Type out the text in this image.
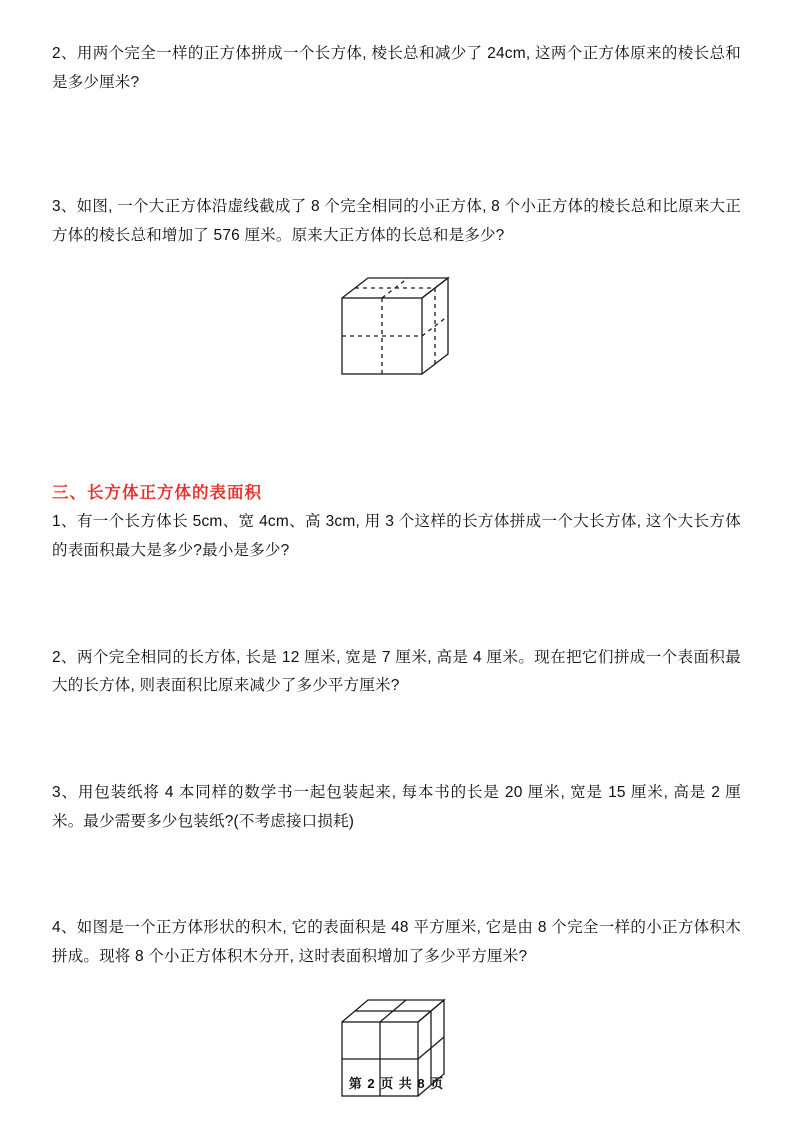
2、用两个完全一样的正方体拼成一个长方体, 棱长总和减少了 24cm, 这两个正方体原来的棱长总和是多少厘米?
3、如图, 一个大正方体沿虚线截成了 8 个完全相同的小正方体, 8 个小正方体的棱长总和比原来大正方体的棱长总和增加了 576 厘米。原来大正方体的长总和是多少?
三、长方体正方体的表面积
1、有一个长方体长 5cm、宽 4cm、高 3cm, 用 3 个这样的长方体拼成一个大长方体, 这个大长方体的表面积最大是多少?最小是多少?
2、两个完全相同的长方体, 长是 12 厘米, 宽是 7 厘米, 高是 4 厘米。现在把它们拼成一个表面积最大的长方体, 则表面积比原来减少了多少平方厘米?
3、用包装纸将 4 本同样的数学书一起包装起来, 每本书的长是 20 厘米, 宽是 15 厘米, 高是 2 厘米。最少需要多少包装纸?(不考虑接口损耗)
4、如图是一个正方体形状的积木, 它的表面积是 48 平方厘米, 它是由 8 个完全一样的小正方体积木拼成。现将 8 个小正方体积木分开, 这时表面积增加了多少平方厘米?
第 2 页 共 8 页
